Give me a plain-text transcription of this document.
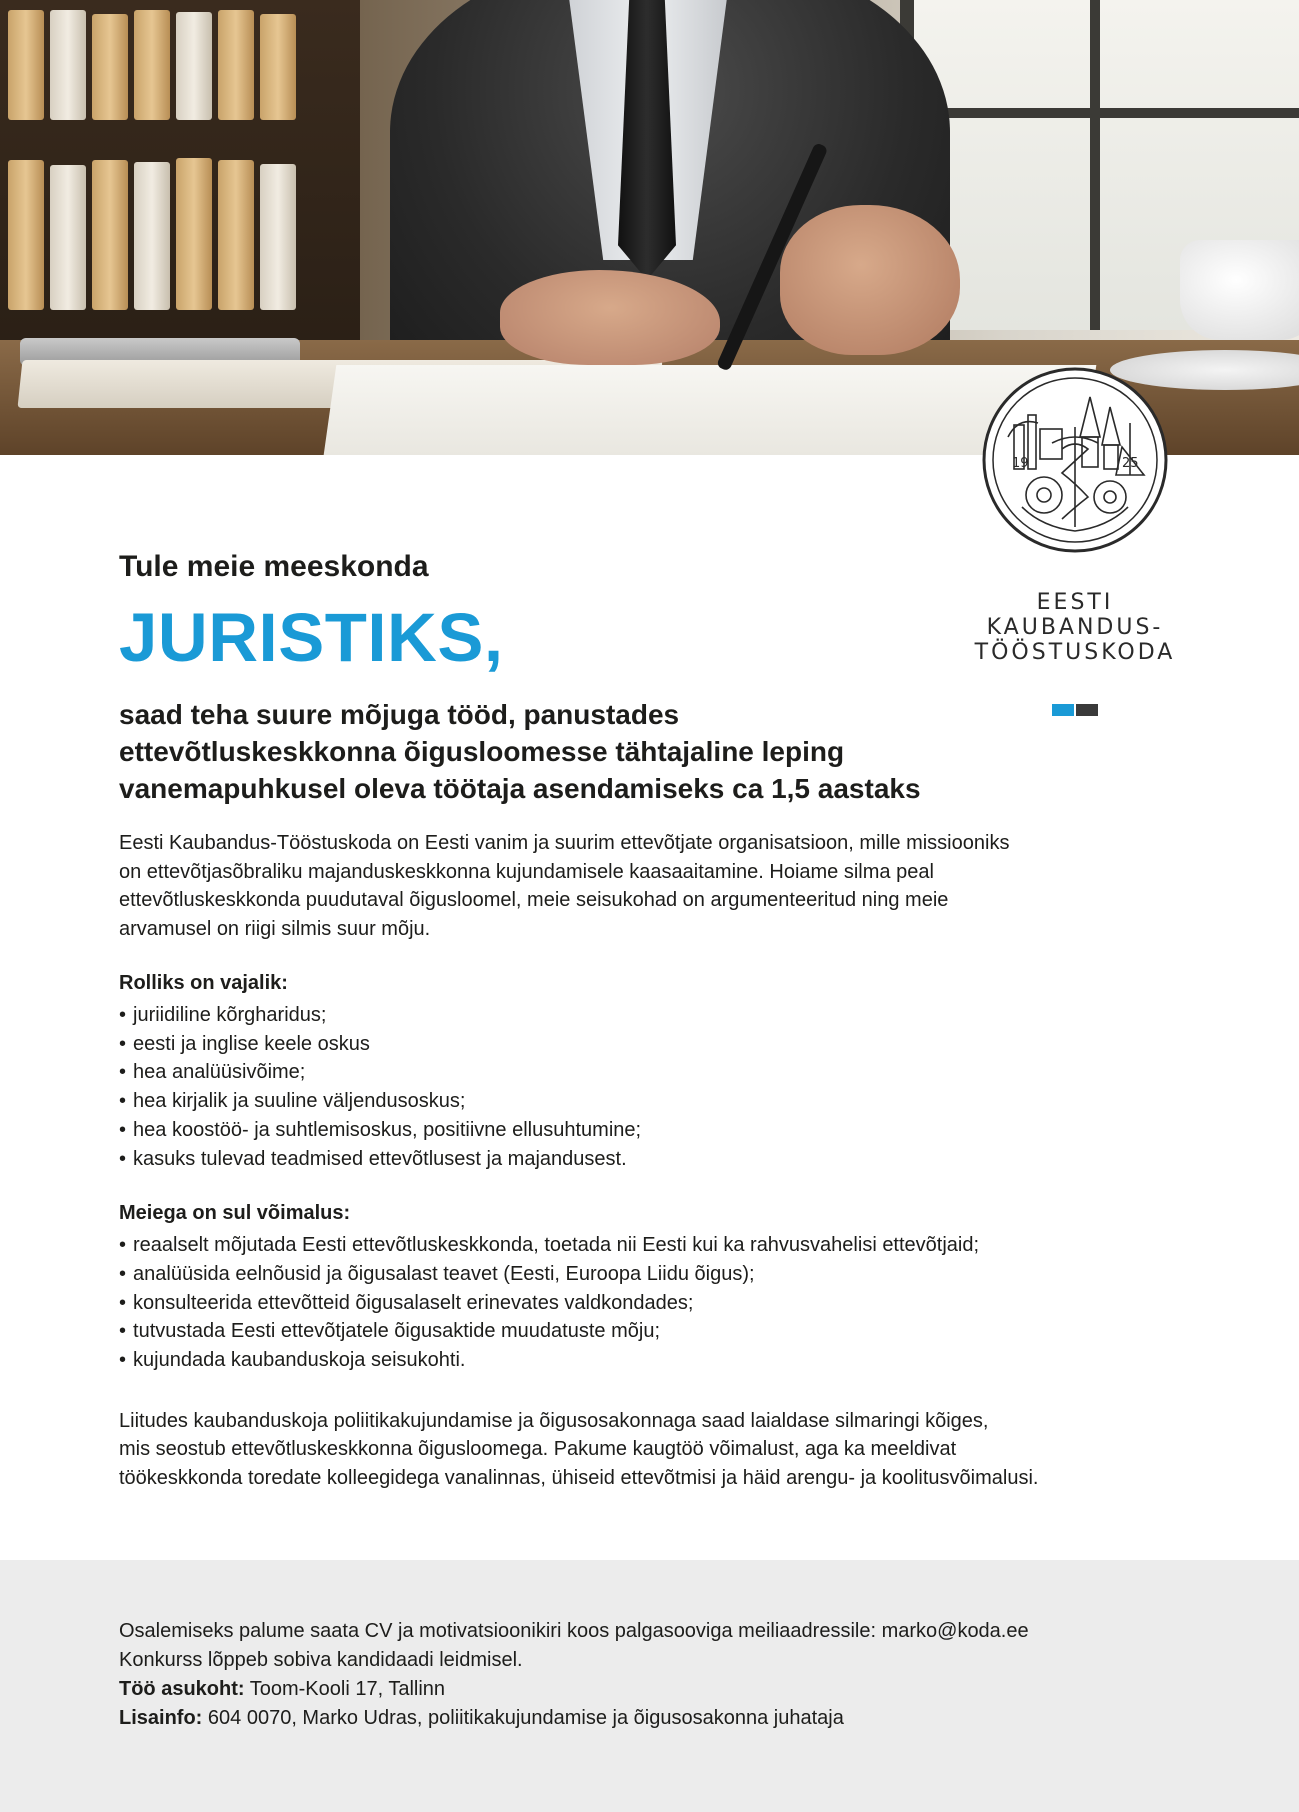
19	25
EESTI
KAUBANDUS-
TÖÖSTUSKODA
Tule meie meeskonda
JURISTIKS,
saad teha suure mõjuga tööd, panustades
ettevõtluskeskkonna õigusloomesse tähtajaline leping
vanemapuhkusel oleva töötaja asendamiseks ca 1,5 aastaks
Eesti Kaubandus-Tööstuskoda on Eesti vanim ja suurim ettevõtjate organisatsioon, mille missiooniks
on ettevõtjasõbraliku majanduskeskkonna kujundamisele kaasaaitamine. Hoiame silma peal
ettevõtluskeskkonda puudutaval õigusloomel, meie seisukohad on argumenteeritud ning meie
arvamusel on riigi silmis suur mõju.
Rolliks on vajalik:
• juriidiline kõrgharidus;
• eesti ja inglise keele oskus
• hea analüüsivõime;
• hea kirjalik ja suuline väljendusoskus;
• hea koostöö- ja suhtlemisoskus, positiivne ellusuhtumine;
• kasuks tulevad teadmised ettevõtlusest ja majandusest.
Meiega on sul võimalus:
• reaalselt mõjutada Eesti ettevõtluskeskkonda, toetada nii Eesti kui ka rahvusvahelisi ettevõtjaid;
• analüüsida eelnõusid ja õigusalast teavet (Eesti, Euroopa Liidu õigus);
• konsulteerida ettevõtteid õigusalaselt erinevates valdkondades;
• tutvustada Eesti ettevõtjatele õigusaktide muudatuste mõju;
• kujundada kaubanduskoja seisukohti.
Liitudes kaubanduskoja poliitikakujundamise ja õigusosakonnaga saad laialdase silmaringi kõiges,
mis seostub ettevõtluskeskkonna õigusloomega. Pakume kaugtöö võimalust, aga ka meeldivat
töökeskkonda toredate kolleegidega vanalinnas, ühiseid ettevõtmisi ja häid arengu- ja koolitusvõimalusi.
Osalemiseks palume saata CV ja motivatsioonikiri koos palgasooviga meiliaadressile: marko@koda.ee
Konkurss lõppeb sobiva kandidaadi leidmisel.
Töö asukoht: Toom-Kooli 17, Tallinn
Lisainfo: 604 0070, Marko Udras, poliitikakujundamise ja õigusosakonna juhataja
